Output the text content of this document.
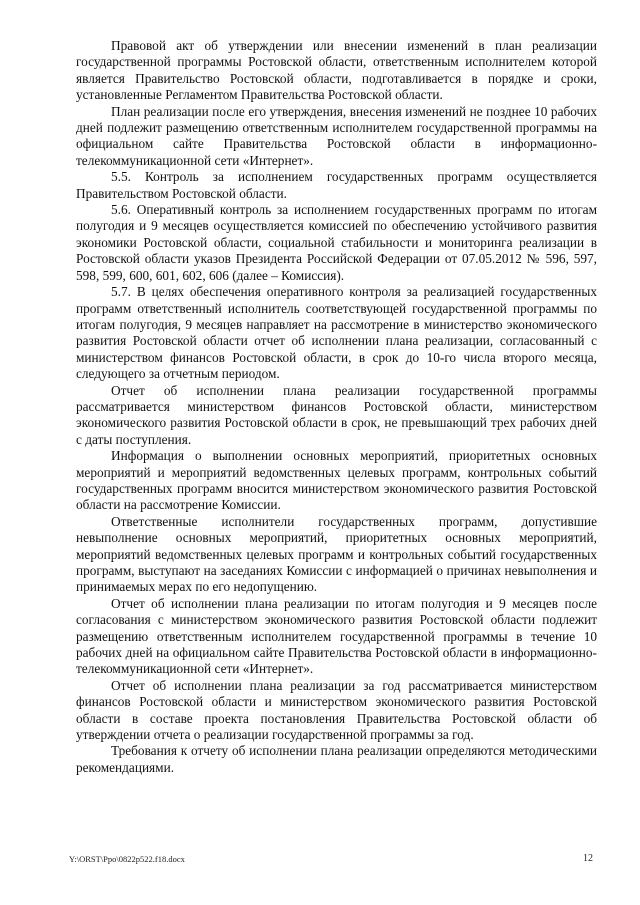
Правовой акт об утверждении или внесении изменений в план реализации государственной программы Ростовской области, ответственным исполнителем которой является Правительство Ростовской области, подготавливается в порядке и сроки, установленные Регламентом Правительства Ростовской области.

План реализации после его утверждения, внесения изменений не позднее 10 рабочих дней подлежит размещению ответственным исполнителем государственной программы на официальном сайте Правительства Ростовской области в информационно-телекоммуникационной сети «Интернет».

5.5. Контроль за исполнением государственных программ осуществляется Правительством Ростовской области.

5.6. Оперативный контроль за исполнением государственных программ по итогам полугодия и 9 месяцев осуществляется комиссией по обеспечению устойчивого развития экономики Ростовской области, социальной стабильности и мониторинга реализации в Ростовской области указов Президента Российской Федерации от 07.05.2012 № 596, 597, 598, 599, 600, 601, 602, 606 (далее – Комиссия).

5.7. В целях обеспечения оперативного контроля за реализацией государственных программ ответственный исполнитель соответствующей государственной программы по итогам полугодия, 9 месяцев направляет на рассмотрение в министерство экономического развития Ростовской области отчет об исполнении плана реализации, согласованный с министерством финансов Ростовской области, в срок до 10-го числа второго месяца, следующего за отчетным периодом.

Отчет об исполнении плана реализации государственной программы рассматривается министерством финансов Ростовской области, министерством экономического развития Ростовской области в срок, не превышающий трех рабочих дней с даты поступления.

Информация о выполнении основных мероприятий, приоритетных основных мероприятий и мероприятий ведомственных целевых программ, контрольных событий государственных программ вносится министерством экономического развития Ростовской области на рассмотрение Комиссии.

Ответственные исполнители государственных программ, допустившие невыполнение основных мероприятий, приоритетных основных мероприятий, мероприятий ведомственных целевых программ и контрольных событий государственных программ, выступают на заседаниях Комиссии с информацией о причинах невыполнения и принимаемых мерах по его недопущению.

Отчет об исполнении плана реализации по итогам полугодия и 9 месяцев после согласования с министерством экономического развития Ростовской области подлежит размещению ответственным исполнителем государственной программы в течение 10 рабочих дней на официальном сайте Правительства Ростовской области в информационно-телекоммуникационной сети «Интернет».

Отчет об исполнении плана реализации за год рассматривается министерством финансов Ростовской области и министерством экономического развития Ростовской области в составе проекта постановления Правительства Ростовской области об утверждении отчета о реализации государственной программы за год.

Требования к отчету об исполнении плана реализации определяются методическими рекомендациями.

Y:\ORST\Ppo\0822p522.f18.docx	12
